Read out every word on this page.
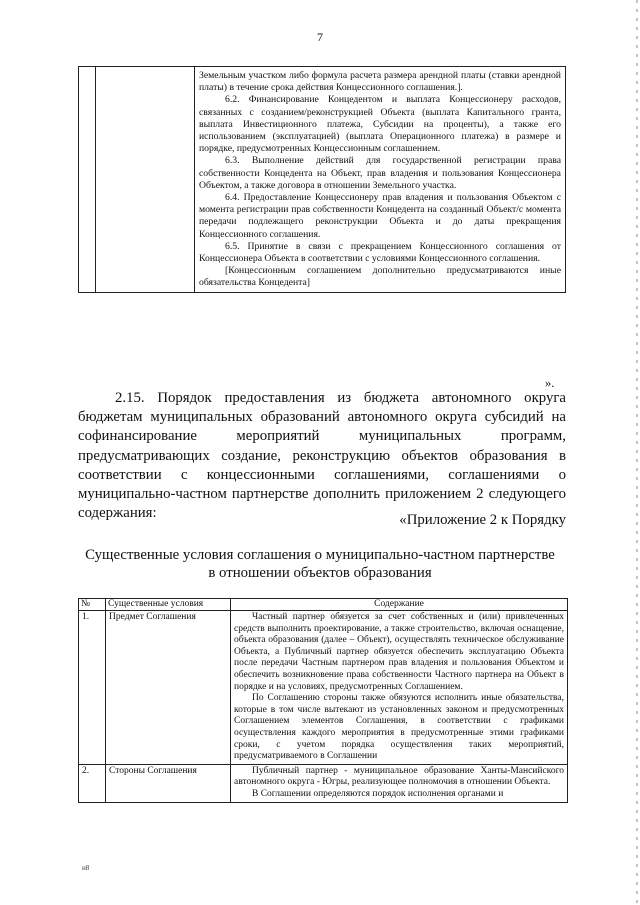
7

Земельным участком либо формула расчета размера арендной платы (ставки арендной платы) в течение срока действия Концессионного соглашения.].

6.2. Финансирование Концедентом и выплата Концессионеру расходов, связанных с созданием/реконструкцией Объекта (выплата Капитального гранта, выплата Инвестиционного платежа, Субсидии на проценты), а также его использованием (эксплуатацией) (выплата Операционного платежа) в размере и порядке, предусмотренных Концессионным соглашением.

6.3. Выполнение действий для государственной регистрации права собственности Концедента на Объект, прав владения и пользования Концессионера Объектом, а также договора в отношении Земельного участка.

6.4. Предоставление Концессионеру прав владения и пользования Объектом с момента регистрации прав собственности Концедента на созданный Объект/с момента передачи подлежащего реконструкции Объекта и до даты прекращения Концессионного соглашения.

6.5. Принятие в связи с прекращением Концессионного соглашения от Концессионера Объекта в соответствии с условиями Концессионного соглашения.

[Концессионным соглашением дополнительно предусматриваются иные обязательства Концедента]

».

2.15. Порядок предоставления из бюджета автономного округа бюджетам муниципальных образований автономного округа субсидий на софинансирование мероприятий муниципальных программ, предусматривающих создание, реконструкцию объектов образования в соответствии с концессионными соглашениями, соглашениями о муниципально-частном партнерстве дополнить приложением 2 следующего содержания:	«Приложение 2 к Порядку
Существенные условия соглашения о муниципально-частном партнерстве
в отношении объектов образования
№	Существенные условия	Содержание
1.	Предмет Соглашения	Частный партнер обязуется за счет собственных и (или) привлеченных средств выполнить проектирование, а также строительство, включая оснащение, объекта образования (далее – Объект), осуществлять техническое обслуживание Объекта, а Публичный партнер обязуется обеспечить эксплуатацию Объекта после передачи Частным партнером прав владения и пользования Объектом и обеспечить возникновение права собственности Частного партнера на Объект в порядке и на условиях, предусмотренных Соглашением.

По Соглашению стороны также обязуются исполнить иные обязательства, которые в том числе вытекают из установленных законом и предусмотренных Соглашением элементов Соглашения, в соответствии с графиками осуществления каждого мероприятия в предусмотренные этими графиками сроки, с учетом порядка осуществления таких мероприятий, предусматриваемого в Соглашении

2.	Стороны Соглашения	Публичный партнер - муниципальное образование Ханты-Мансийского автономного округа - Югры, реализующее полномочия в отношении Объекта.

В Соглашении определяются порядок исполнения органами и

н8
